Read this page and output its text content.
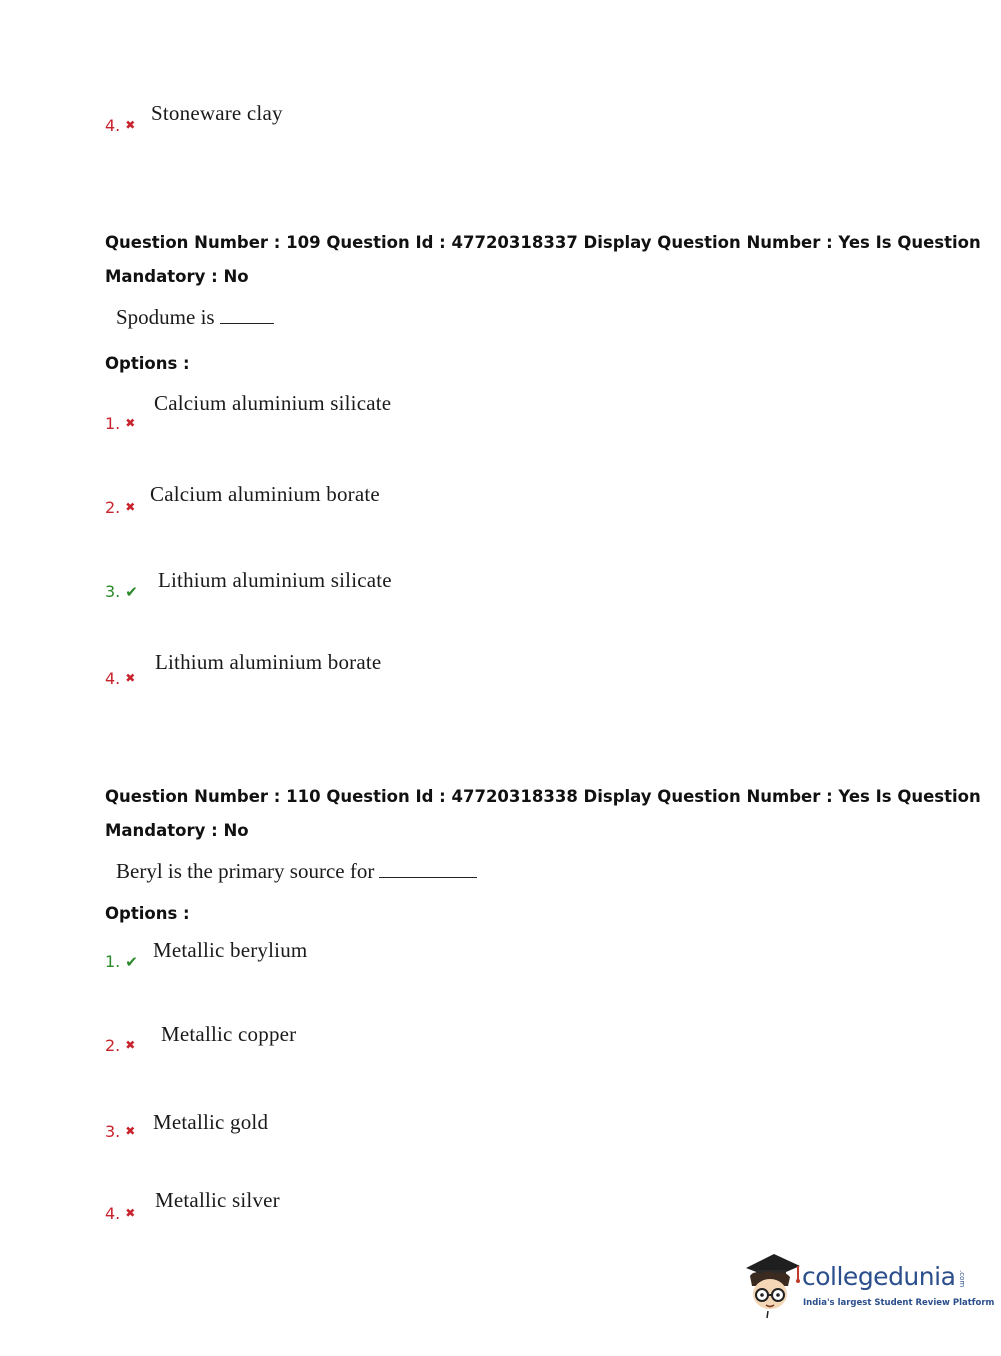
4. ✖ Stoneware clay
Question Number : 109 Question Id : 47720318337 Display Question Number : Yes Is Question
Mandatory : No
Spodume is
Options :
1. ✖
Calcium aluminium silicate
2. ✖
Calcium aluminium borate
3. ✔ Lithium aluminium silicate
4. ✖
Lithium aluminium borate
Question Number : 110 Question Id : 47720318338 Display Question Number : Yes Is Question
Mandatory : No
Beryl is the primary source for
Options :
1. ✔ Metallic berylium
2. ✖ Metallic copper
3. ✖ Metallic gold
4. ✖
Metallic silver
collegedunia .com
India's largest Student Review Platform
